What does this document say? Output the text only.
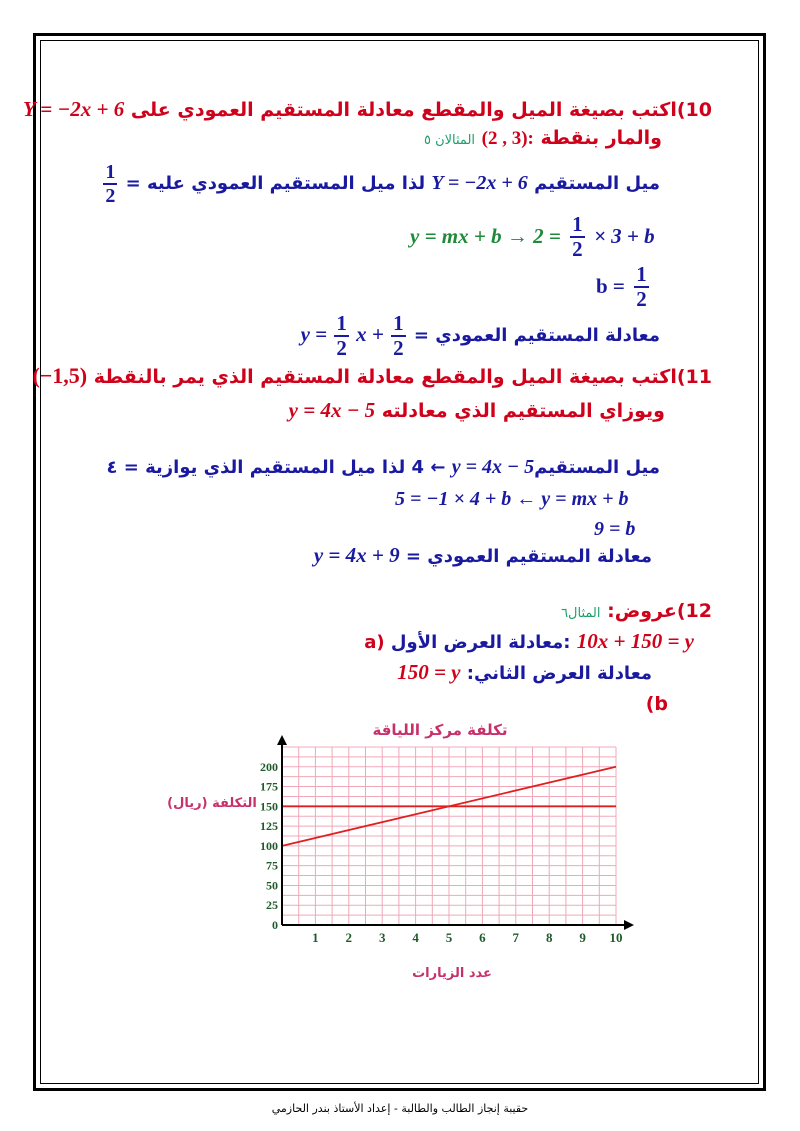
10)اكتب بصيغة الميل والمقطع معادلة المستقيم العمودي على Y = −2x + 6
والمار بنقطة (2 , 3): المثالان ٥
ميل المستقيم Y = −2x + 6 لذا ميل المستقيم العمودي عليه =
$\frac{1}{2}$
y = mx + $b \to 2 = \frac{1}{2} \times 3 + b$
$b = \frac{1}{2}$
معادلة المستقيم العمودي = $y = \frac{1}{2}$ $x + \frac{1}{2}$
11)اكتب بصيغة الميل والمقطع معادلة المستقيم الذي يمر بالنقطة (−1,5)
ويوزاي المستقيم الذي معادلته y = 4x − 5
ميل المستقيمy = 4x − 5 ← 4 لذا ميل المستقيم الذي يوازية = ٤
5 = −1 × 4 + b ← y = mx + b
9 = b
معادلة المستقيم العمودي = y = 4x + 9
12)عروض: المثال٦
a) معادلة العرض الأول: 10x + 150 = y
معادلة العرض الثاني: 150 = y
(b
تكلفة مركز اللياقة
1 2 3 4 5 6 7 8 9 10
0
25
50
75
100
125
150
175
200
التكلفة (ريال)
عدد الزيارات
حقيبة إنجاز الطالب والطالبة - إعداد الأستاذ بندر الحازمي
